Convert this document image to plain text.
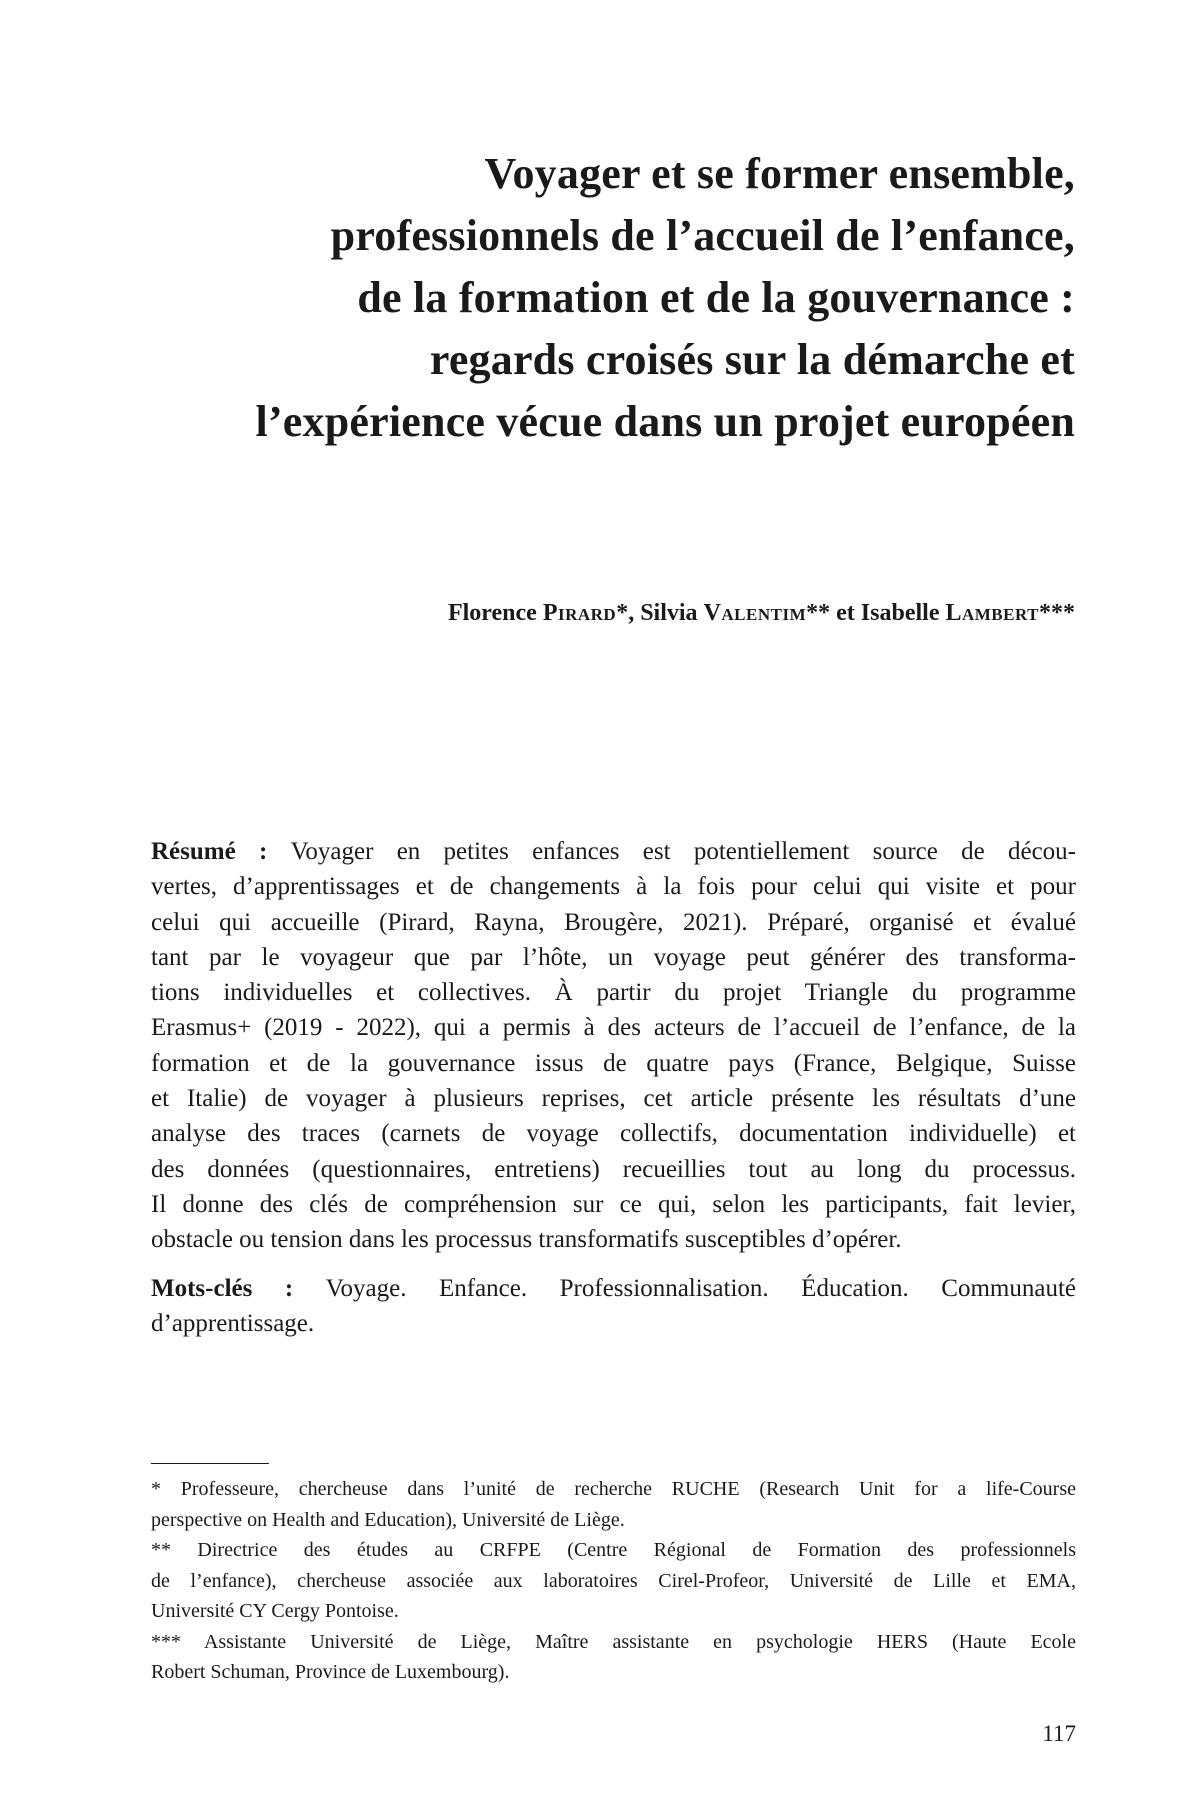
Voyager et se former ensemble,
professionnels de l’accueil de l’enfance,
de la formation et de la gouvernance :
regards croisés sur la démarche et
l’expérience vécue dans un projet européen
Florence Pirard*, Silvia Valentim** et Isabelle Lambert***
Résumé : Voyager en petites enfances est potentiellement source de décou-
vertes, d’apprentissages et de changements à la fois pour celui qui visite et pour
celui qui accueille (Pirard, Rayna, Brougère, 2021). Préparé, organisé et évalué
tant par le voyageur que par l’hôte, un voyage peut générer des transforma-
tions individuelles et collectives. À partir du projet Triangle du programme
Erasmus+ (2019 - 2022), qui a permis à des acteurs de l’accueil de l’enfance, de la
formation et de la gouvernance issus de quatre pays (France, Belgique, Suisse
et Italie) de voyager à plusieurs reprises, cet article présente les résultats d’une
analyse des traces (carnets de voyage collectifs, documentation individuelle) et
des données (questionnaires, entretiens) recueillies tout au long du processus.
Il donne des clés de compréhension sur ce qui, selon les participants, fait levier,
obstacle ou tension dans les processus transformatifs susceptibles d’opérer.
Mots-clés : Voyage. Enfance. Professionnalisation. Éducation. Communauté
d’apprentissage.
* Professeure, chercheuse dans l’unité de recherche RUCHE (Research Unit for a life-Course
perspective on Health and Education), Université de Liège.
** Directrice des études au CRFPE (Centre Régional de Formation des professionnels
de l’enfance), chercheuse associée aux laboratoires Cirel-Profeor, Université de Lille et EMA,
Université CY Cergy Pontoise.
*** Assistante Université de Liège, Maître assistante en psychologie HERS (Haute Ecole
Robert Schuman, Province de Luxembourg).
117
